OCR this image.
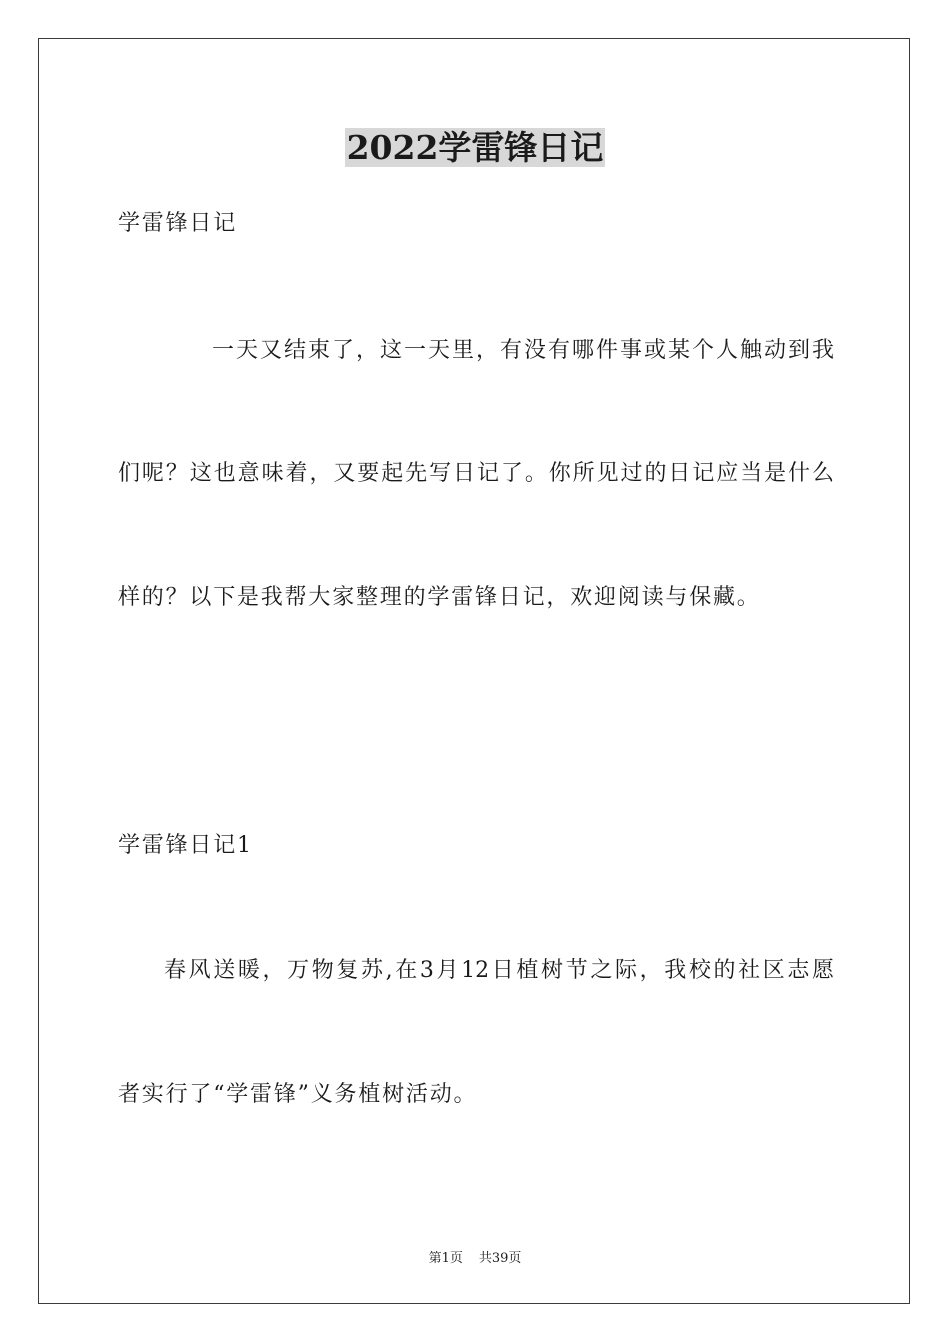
2022学雷锋日记
学雷锋日记
一天又结束了，这一天里，有没有哪件事或某个人触动到我
们呢？这也意味着，又要起先写日记了。你所见过的日记应当是什么
样的？以下是我帮大家整理的学雷锋日记，欢迎阅读与保藏。
学雷锋日记1
春风送暖，万物复苏,在3月12日植树节之际，我校的社区志愿
者实行了“学雷锋”义务植树活动。
第1页 共39页
